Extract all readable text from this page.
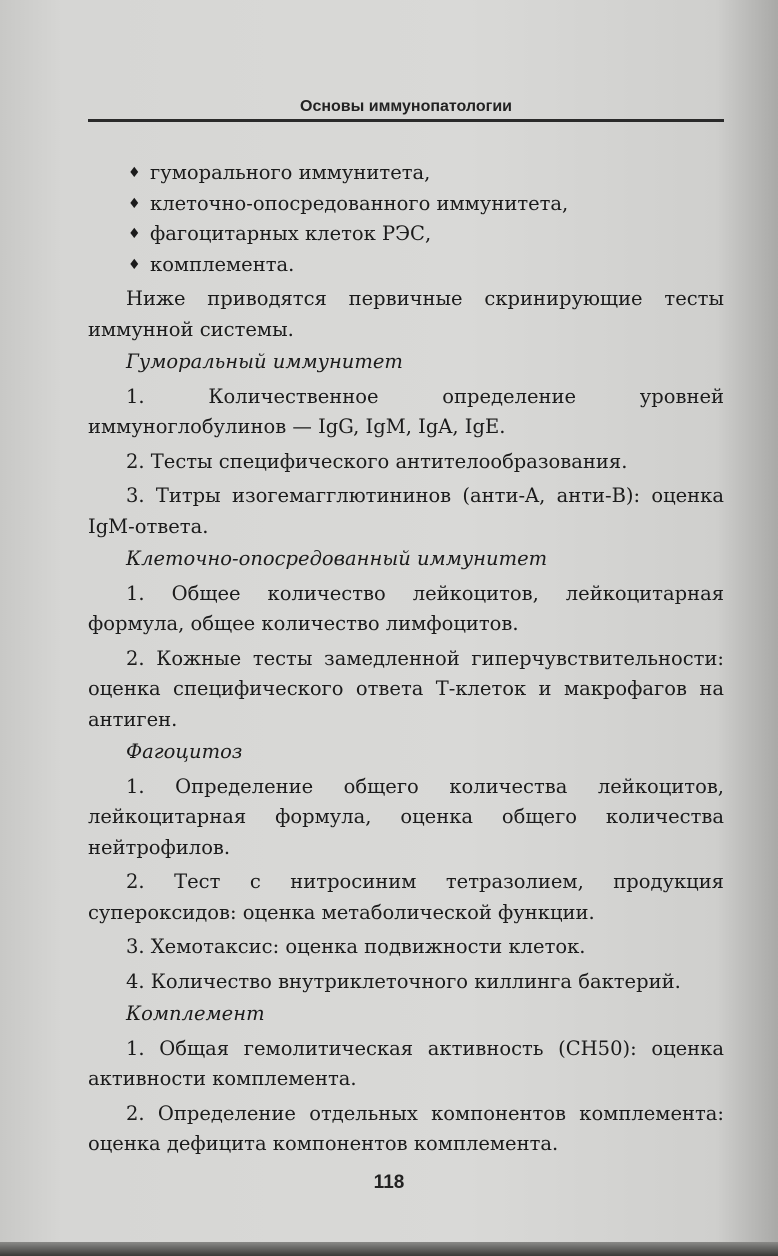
Основы иммунопатологии
♦ гуморального иммунитета,
♦ клеточно-опосредованного иммунитета,
♦ фагоцитарных клеток РЭС,
♦ комплемента.
Ниже приводятся первичные скринирующие тесты иммунной системы.
Гуморальный иммунитет
1. Количественное определение уровней иммуноглобулинов — IgG, IgM, IgA, IgE.
2. Тесты специфического антителообразования.
3. Титры изогемагглютининов (анти-A, анти-B): оценка IgM-ответа.
Клеточно-опосредованный иммунитет
1. Общее количество лейкоцитов, лейкоцитарная формула, общее количество лимфоцитов.
2. Кожные тесты замедленной гиперчувствительности: оценка специфического ответа Т-клеток и макрофагов на антиген.
Фагоцитоз
1. Определение общего количества лейкоцитов, лейкоцитарная формула, оценка общего количества нейтрофилов.
2. Тест с нитросиним тетразолием, продукция супероксидов: оценка метаболической функции.
3. Хемотаксис: оценка подвижности клеток.
4. Количество внутриклеточного киллинга бактерий.
Комплемент
1. Общая гемолитическая активность (CH50): оценка активности комплемента.
2. Определение отдельных компонентов комплемента: оценка дефицита компонентов комплемента.
118
